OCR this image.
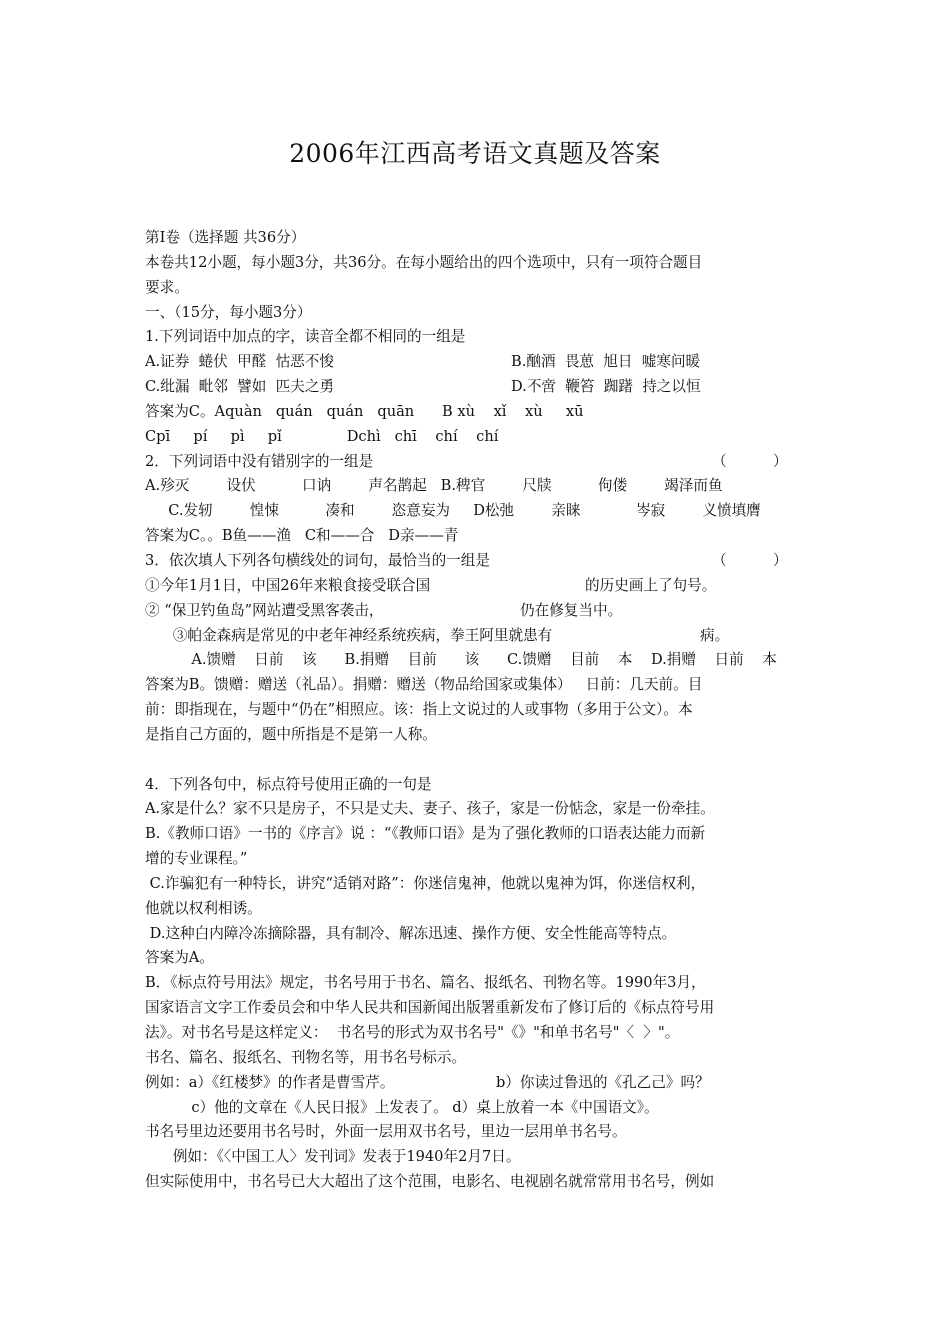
2006年江西高考语文真题及答案
第Ⅰ卷（选择题 共36分）
本卷共12小题，每小题3分，共36分。在每小题给出的四个选项中，只有一项符合题目
要求。
一、（15分，每小题3分）
1.下列词语中加点的字，读音全都不相同的一组是

A.证券  蜷伏  甲醛  怙恶不悛

	B.酗酒  畏葸  旭日  嘘寒问暖

C.纰漏  毗邻  譬如  匹夫之勇

	D.不啻  鞭笞  踟躇  持之以恒

答案为C。Aquàn   quán   quán   quān      B xù    xǐ    xù     xū
Cpī     pí     pì     pǐ              Dchì   chī    chí    chí

2．下列词语中没有错别字的一组是

	（          ）

A.殄灭        设伏          口讷        声名鹊起   B.稗官        尺牍          佝偻        竭泽而鱼
C.发轫        惶悚          凑和        恣意妄为     D松弛        亲睐            岑寂        义愤填膺
答案为C。。B鱼——渔   C和——合   D亲——青

3．依次填人下列各句横线处的词句，最恰当的一组是

	（          ）

①今年1月1日，中国26年来粮食接受联合国

	的历史画上了句号。

② “保卫钓鱼岛”网站遭受黑客袭击，

	仍在修复当中。

③帕金森病是常见的中老年神经系统疾病，拳王阿里就患有

	病。

A.馈赠    日前    该      B.捐赠    目前      该      C.馈赠    目前    本    D.捐赠    日前    本
答案为B。馈赠：赠送（礼品）。捐赠：赠送（物品给国家或集体）   日前：几天前。目
前：即指现在，与题中“仍在”相照应。该：指上文说过的人或事物（多用于公文）。本
是指自己方面的，题中所指是不是第一人称。
4．下列各句中，标点符号使用正确的一句是
A.家是什么？家不只是房子，不只是丈夫、妻子、孩子，家是一份惦念，家是一份牵挂。
B.《教师口语》一书的《序言》说 ：“《教师口语》是为了强化教师的口语表达能力而新
增的专业课程。”
C.诈骗犯有一种特长，讲究“适销对路”：你迷信鬼神，他就以鬼神为饵，你迷信权利，
他就以权利相诱。
D.这种白内障冷冻摘除器，具有制冷、解冻迅速、操作方便、安全性能高等特点。
答案为A。
B．《标点符号用法》规定，书名号用于书名、篇名、报纸名、刊物名等。1990年3月，
国家语言文字工作委员会和中华人民共和国新闻出版署重新发布了修订后的《标点符号用
法》。对书名号是这样定义：  书名号的形式为双书名号"《》"和单书名号"〈  〉"。
书名、篇名、报纸名、刊物名等，用书名号标示。

例如：a）《红楼梦》的作者是曹雪芹。

	b）你读过鲁迅的《孔乙己》吗？

c）他的文章在《人民日报》上发表了。 d）桌上放着一本《中国语文》。
书名号里边还要用书名号时，外面一层用双书名号，里边一层用单书名号。
例如：《〈中国工人〉发刊词》发表于1940年2月7日。
但实际使用中，书名号已大大超出了这个范围，电影名、电视剧名就常常用书名号，例如
